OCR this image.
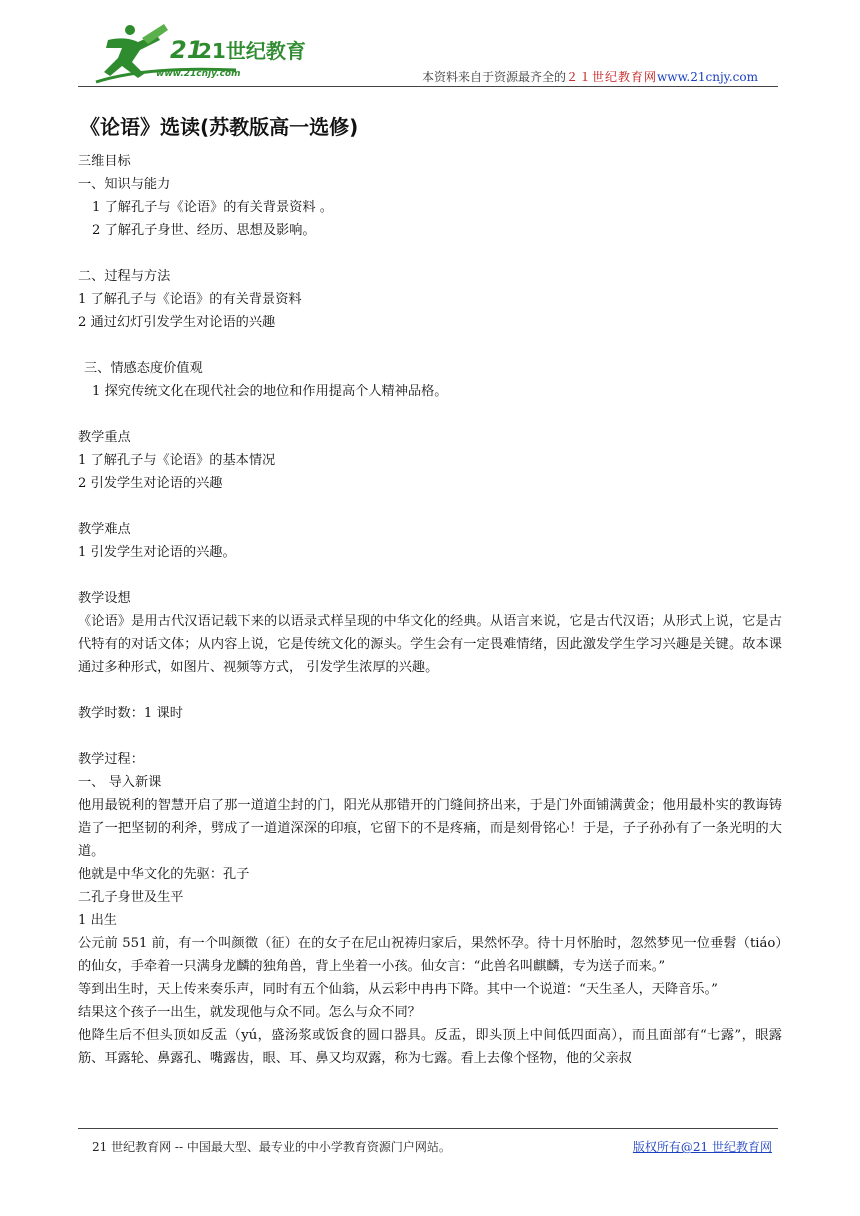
21
21世纪教育
www.21cnjy.com	本资料来自于资源最齐全的２１世纪教育网www.21cnjy.com
《论语》选读(苏教版高一选修)
三维目标
一、知识与能力
1 了解孔子与《论语》的有关背景资料 。
2 了解孔子身世、经历、思想及影响。
二、过程与方法
1 了解孔子与《论语》的有关背景资料
2 通过幻灯引发学生对论语的兴趣
三、情感态度价值观
1 探究传统文化在现代社会的地位和作用提高个人精神品格。
教学重点
1 了解孔子与《论语》的基本情况
2 引发学生对论语的兴趣
教学难点
1 引发学生对论语的兴趣。
教学设想
《论语》是用古代汉语记载下来的以语录式样呈现的中华文化的经典。从语言来说，它是古代汉语；从形式上说，它是古代特有的对话文体；从内容上说，它是传统文化的源头。学生会有一定畏难情绪，因此激发学生学习兴趣是关键。故本课通过多种形式，如图片、视频等方式， 引发学生浓厚的兴趣。
教学时数：1 课时
教学过程：
一、 导入新课
他用最锐利的智慧开启了那一道道尘封的门，阳光从那错开的门缝间挤出来，于是门外面铺满黄金；他用最朴实的教诲铸造了一把坚韧的利斧，劈成了一道道深深的印痕，它留下的不是疼痛，而是刻骨铭心！于是，子子孙孙有了一条光明的大道。
他就是中华文化的先驱：孔子
二孔子身世及生平
1 出生
公元前 551 前，有一个叫颜徵（征）在的女子在尼山祝祷归家后，果然怀孕。待十月怀胎时，忽然梦见一位垂髫（tiáo）的仙女，手牵着一只满身龙麟的独角兽，背上坐着一小孩。仙女言：“此兽名叫麒麟，专为送子而来。”
等到出生时，天上传来奏乐声，同时有五个仙翁，从云彩中冉冉下降。其中一个说道：“天生圣人，天降音乐。”
结果这个孩子一出生，就发现他与众不同。怎么与众不同？
他降生后不但头顶如反盂（yú，盛汤浆或饭食的圆口器具。反盂，即头顶上中间低四面高），而且面部有“七露”，眼露筋、耳露轮、鼻露孔、嘴露齿，眼、耳、鼻又均双露，称为七露。看上去像个怪物，他的父亲叔
21 世纪教育网 -- 中国最大型、最专业的中小学教育资源门户网站。	版权所有@21 世纪教育网
